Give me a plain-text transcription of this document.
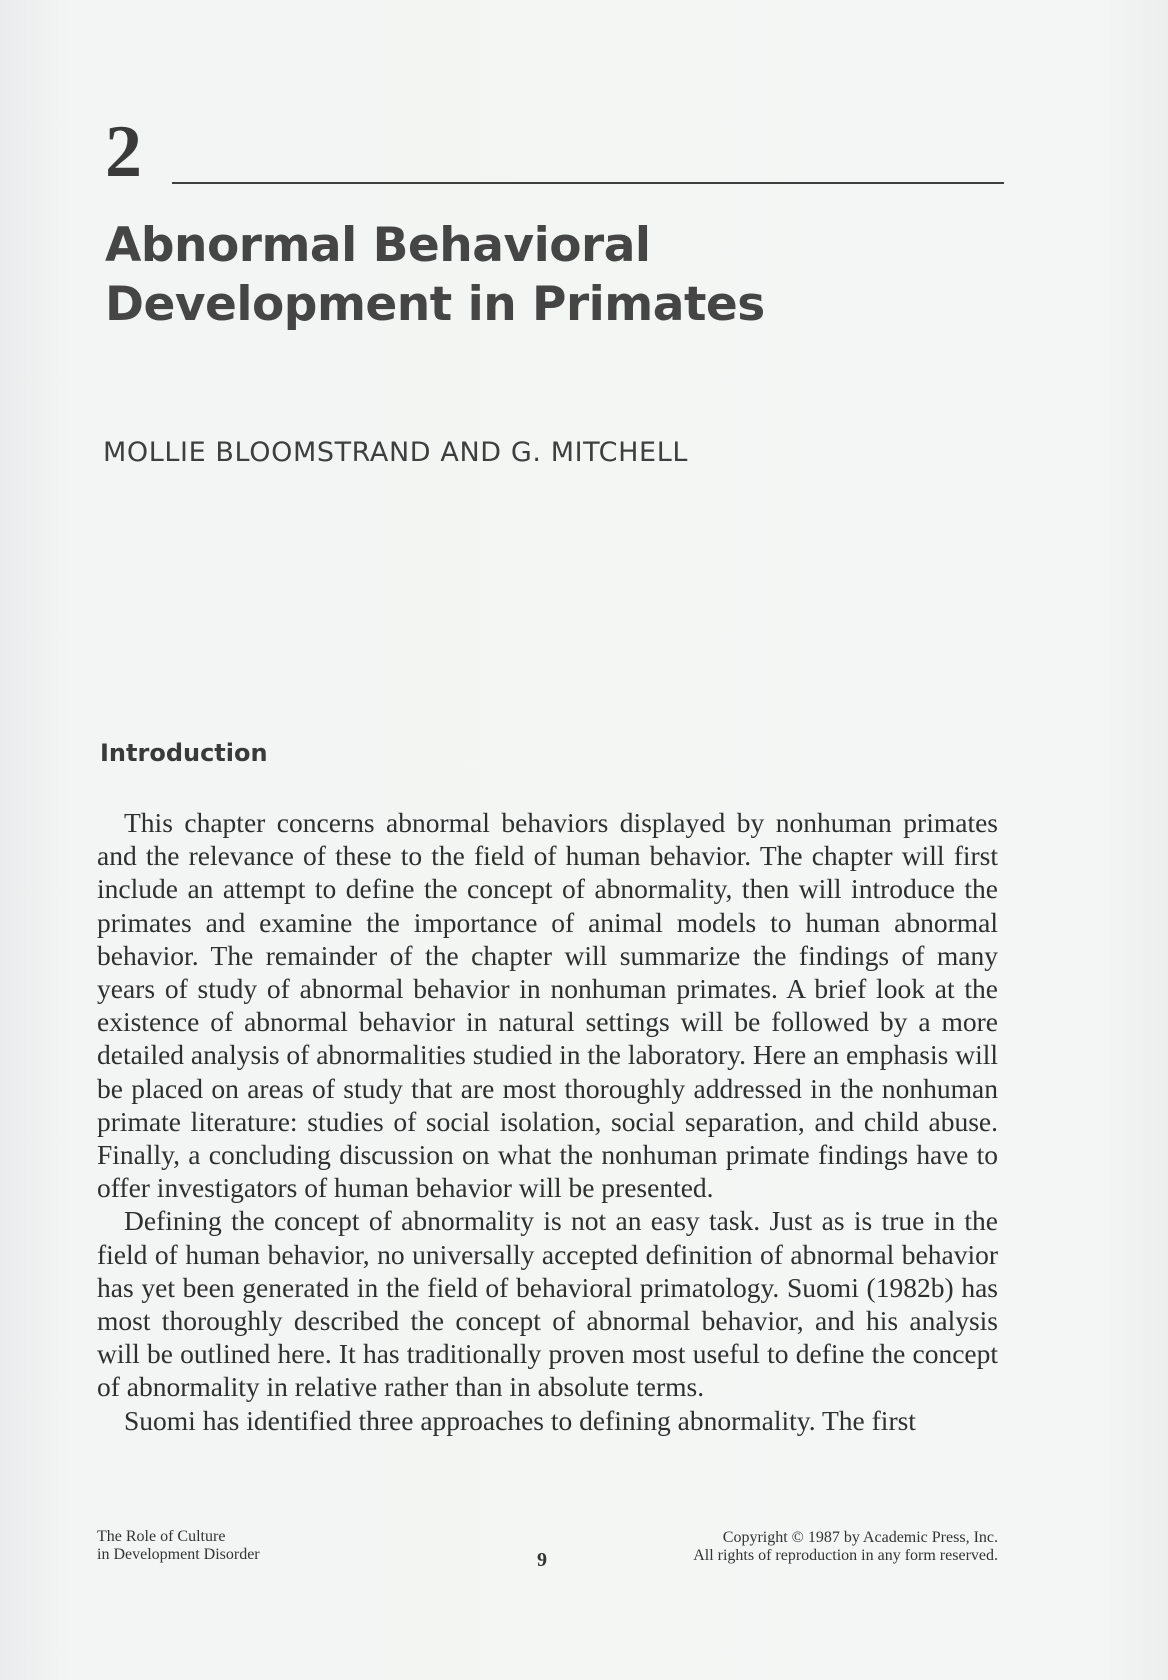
2
Abnormal Behavioral
Development in Primates
MOLLIE BLOOMSTRAND AND G. MITCHELL
Introduction

This chapter concerns abnormal behaviors displayed by nonhuman primates and the relevance of these to the field of human behavior. The chapter will first include an attempt to define the concept of abnormality, then will introduce the primates and examine the importance of animal models to human abnormal behavior. The remainder of the chapter will summarize the findings of many years of study of abnormal behavior in nonhuman primates. A brief look at the existence of abnormal behavior in natural settings will be followed by a more detailed analysis of abnormalities studied in the laboratory. Here an emphasis will be placed on areas of study that are most thoroughly addressed in the nonhuman primate literature: studies of social isolation, social separation, and child abuse. Finally, a concluding discussion on what the nonhuman primate findings have to offer investigators of human behavior will be presented.

Defining the concept of abnormality is not an easy task. Just as is true in the field of human behavior, no universally accepted definition of abnormal behavior has yet been generated in the field of behavioral primatology. Suomi (1982b) has most thoroughly described the concept of abnormal behavior, and his analysis will be outlined here. It has traditionally proven most useful to define the concept of abnormality in relative rather than in absolute terms.

Suomi has identified three approaches to defining abnormality. The first

The Role of Culture
in Development Disorder	9
Copyright © 1987 by Academic Press, Inc.
All rights of reproduction in any form reserved.
